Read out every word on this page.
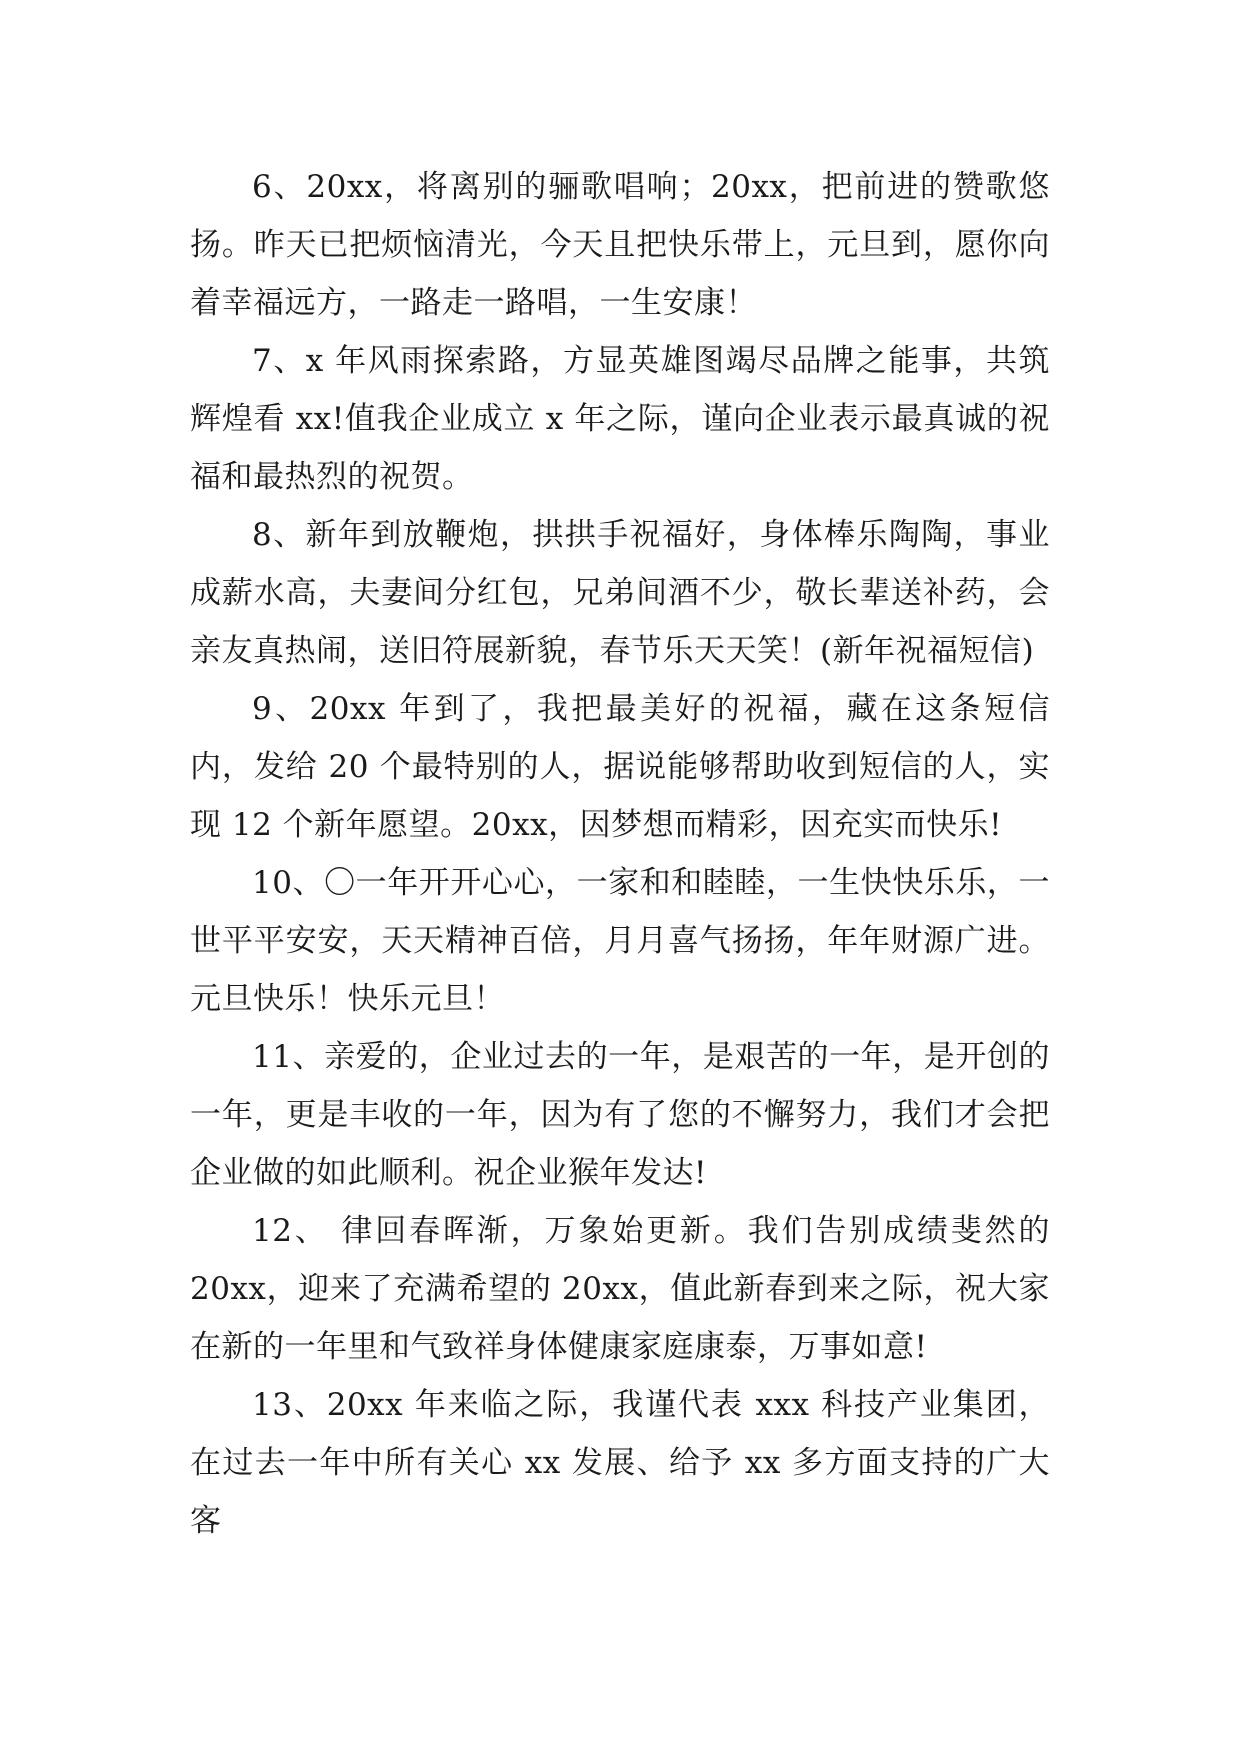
6、20xx，将离别的骊歌唱响；20xx，把前进的赞歌悠扬。昨天已把烦恼清光，今天且把快乐带上，元旦到，愿你向着幸福远方，一路走一路唱，一生安康！

7、x 年风雨探索路，方显英雄图竭尽品牌之能事，共筑辉煌看 xx!值我企业成立 x 年之际，谨向企业表示最真诚的祝福和最热烈的祝贺。

8、新年到放鞭炮，拱拱手祝福好，身体棒乐陶陶，事业成薪水高，夫妻间分红包，兄弟间酒不少，敬长辈送补药，会亲友真热闹，送旧符展新貌，春节乐天天笑！(新年祝福短信)

9、20xx 年到了，我把最美好的祝福，藏在这条短信内，发给 20 个最特别的人，据说能够帮助收到短信的人，实现 12 个新年愿望。20xx，因梦想而精彩，因充实而快乐!

10、〇一年开开心心，一家和和睦睦，一生快快乐乐，一世平平安安，天天精神百倍，月月喜气扬扬，年年财源广进。元旦快乐！快乐元旦！

11、亲爱的，企业过去的一年，是艰苦的一年，是开创的一年，更是丰收的一年，因为有了您的不懈努力，我们才会把企业做的如此顺利。祝企业猴年发达!

12、 律回春晖渐，万象始更新。我们告别成绩斐然的 20xx，迎来了充满希望的 20xx，值此新春到来之际，祝大家在新的一年里和气致祥身体健康家庭康泰，万事如意!

13、20xx 年来临之际，我谨代表 xxx 科技产业集团，在过去一年中所有关心 xx 发展、给予 xx 多方面支持的广大客
